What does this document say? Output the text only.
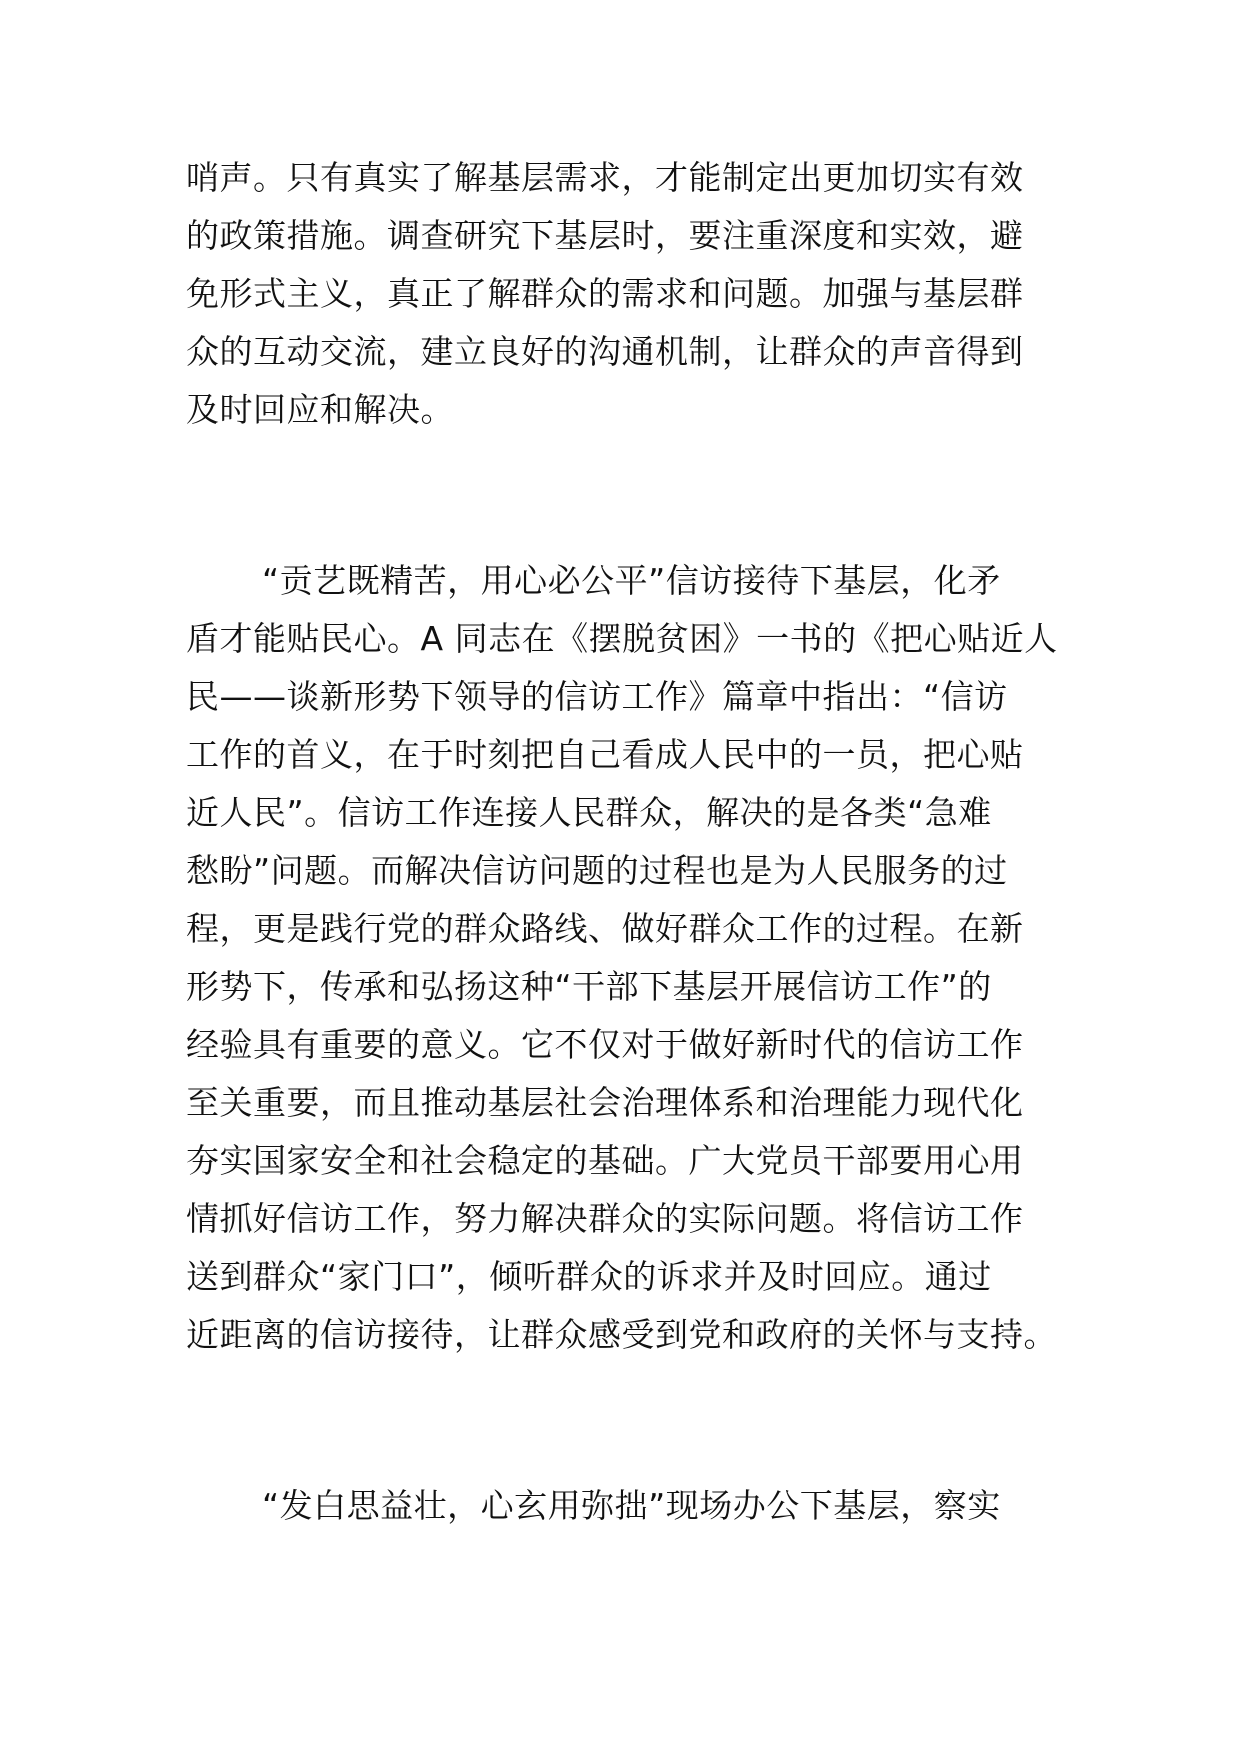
哨声。只有真实了解基层需求，才能制定出更加切实有效
的政策措施。调查研究下基层时，要注重深度和实效，避
免形式主义，真正了解群众的需求和问题。加强与基层群
众的互动交流，建立良好的沟通机制，让群众的声音得到
及时回应和解决。
“贡艺既精苦，用心必公平”信访接待下基层，化矛
盾才能贴民心。A 同志在《摆脱贫困》一书的《把心贴近人
民——谈新形势下领导的信访工作》篇章中指出：“信访
工作的首义，在于时刻把自己看成人民中的一员，把心贴
近人民”。信访工作连接人民群众，解决的是各类“急难
愁盼”问题。而解决信访问题的过程也是为人民服务的过
程，更是践行党的群众路线、做好群众工作的过程。在新
形势下，传承和弘扬这种“干部下基层开展信访工作”的
经验具有重要的意义。它不仅对于做好新时代的信访工作
至关重要，而且推动基层社会治理体系和治理能力现代化
夯实国家安全和社会稳定的基础。广大党员干部要用心用
情抓好信访工作，努力解决群众的实际问题。将信访工作
送到群众“家门口”，倾听群众的诉求并及时回应。通过
近距离的信访接待，让群众感受到党和政府的关怀与支持。
“发白思益壮，心玄用弥拙”现场办公下基层，察实
